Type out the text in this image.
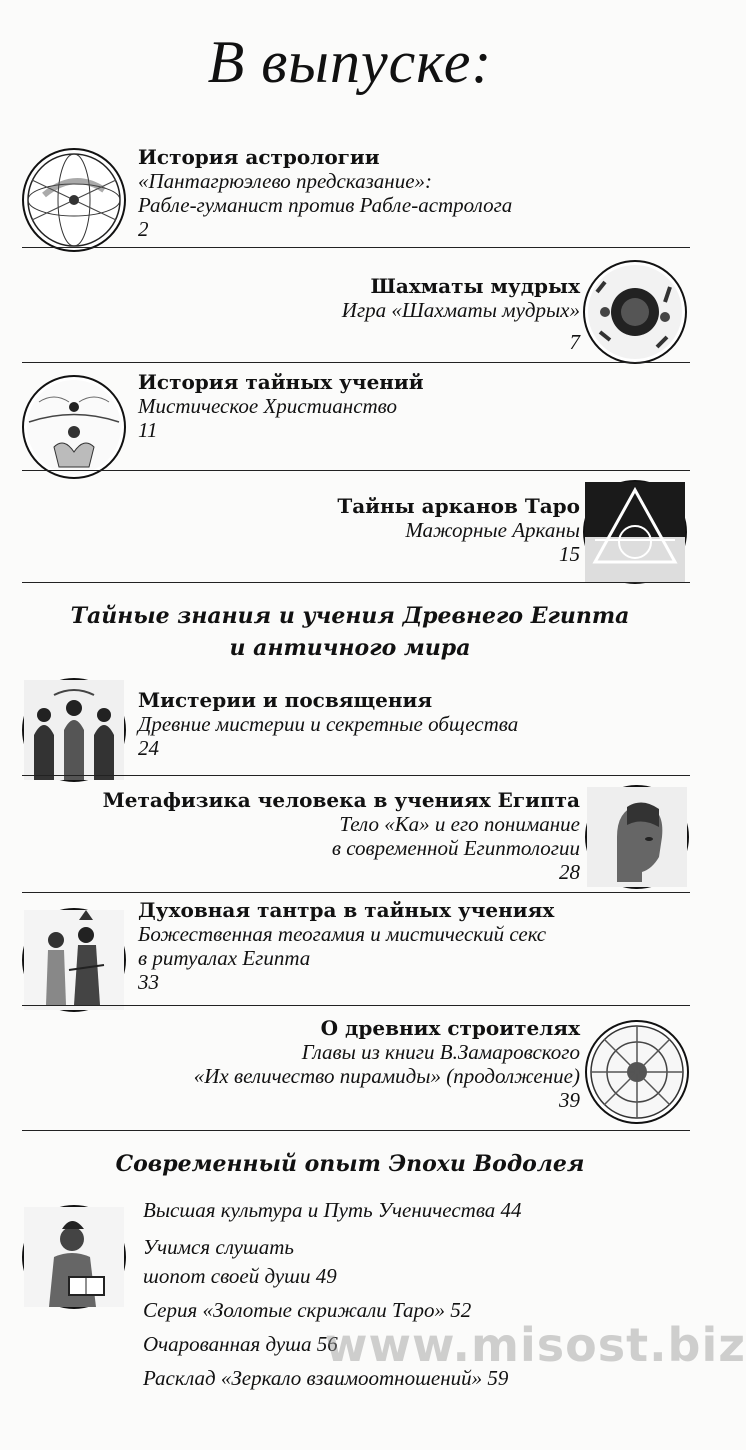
В выпуске:
История астрологии
«Пантагрюэлево предсказание»:
Рабле-гуманист против Рабле-астролога
2
Шахматы мудрых
Игра «Шахматы мудрых»
7
История тайных учений
Мистическое Христианство
11
Тайны арканов Таро
Мажорные Арканы
15
Тайные знания и учения Древнего Египта
и античного мира
Мистерии и посвящения
Древние мистерии и секретные общества
24
Метафизика человека в учениях Египта
Тело «Ка» и его понимание
в современной Египтологии
28
Духовная тантра в тайных учениях
Божественная теогамия и мистический секс
в ритуалах Египта
33
О древних строителях
Главы из книги В.Замаровского
«Их величество пирамиды» (продолжение)
39
Современный опыт Эпохи Водолея
Высшая культура и Путь Ученичества 44
Учимся слушать
шопот своей души 49
Серия «Золотые скрижали Таро» 52
Очарованная душа 56
Расклад «Зеркало взаимоотношений» 59
www.misost.biz
